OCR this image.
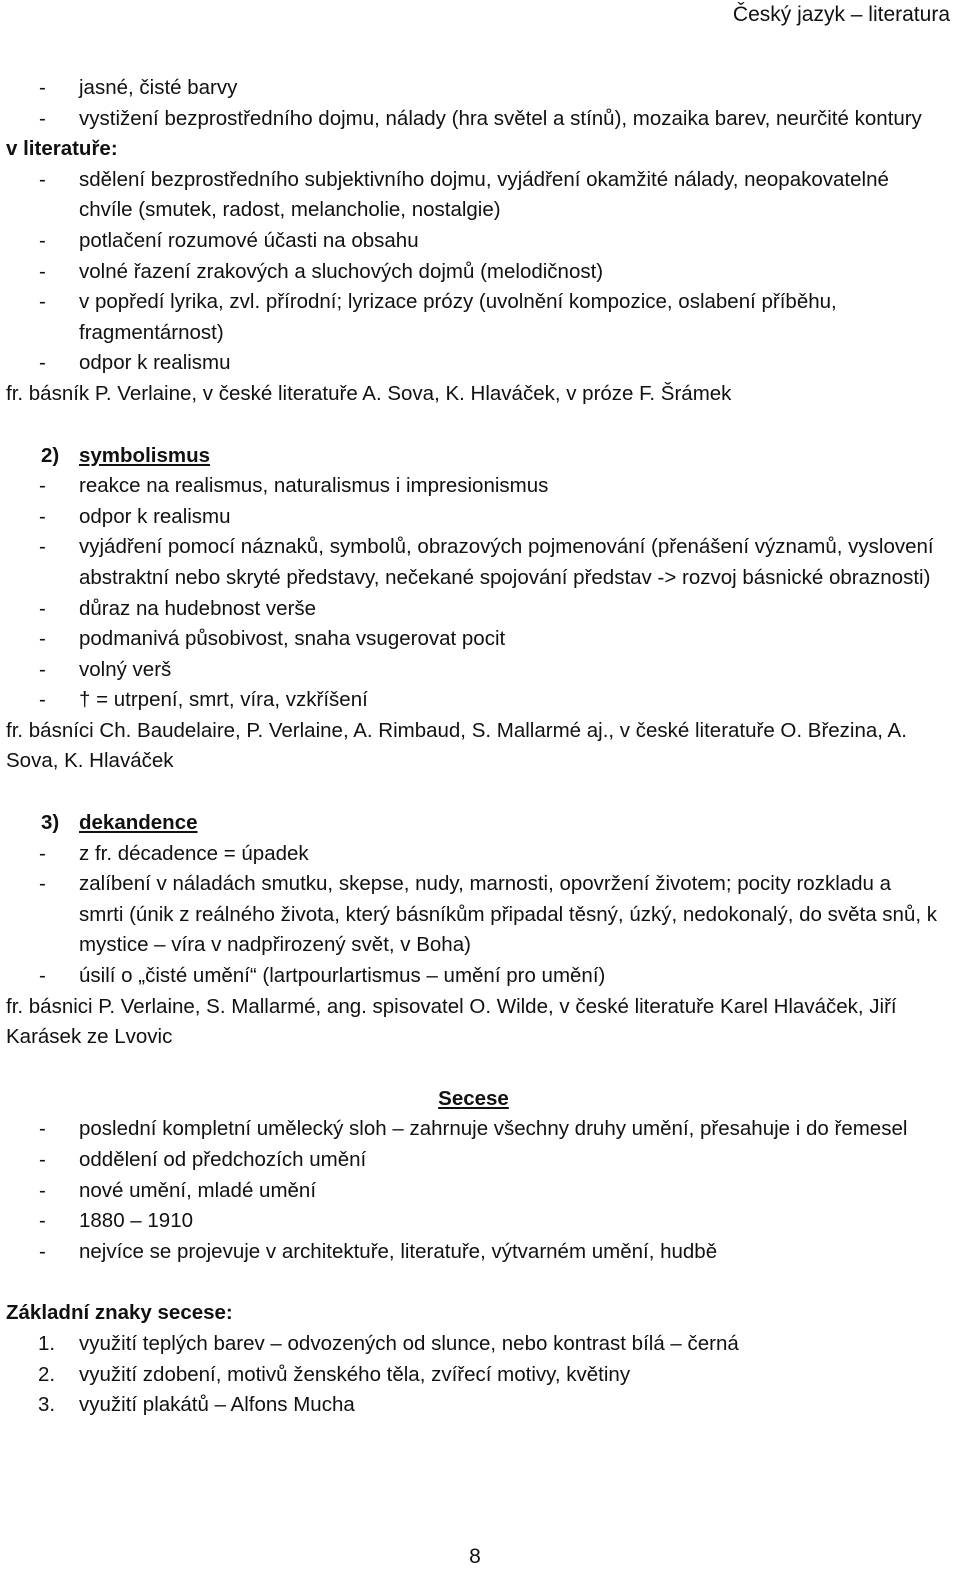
Český jazyk – literatura
- jasné, čisté barvy
- vystižení bezprostředního dojmu, nálady (hra světel a stínů), mozaika barev, neurčité kontury
v literatuře:
- sdělení bezprostředního subjektivního dojmu, vyjádření okamžité nálady, neopakovatelné chvíle (smutek, radost, melancholie, nostalgie)
- potlačení rozumové účasti na obsahu
- volné řazení zrakových a sluchových dojmů (melodičnost)
- v popředí lyrika, zvl. přírodní; lyrizace prózy (uvolnění kompozice, oslabení příběhu, fragmentárnost)
- odpor k realismu
fr. básník P. Verlaine, v české literatuře A. Sova, K. Hlaváček, v próze F. Šrámek
2) symbolismus
- reakce na realismus, naturalismus i impresionismus
- odpor k realismu
- vyjádření pomocí náznaků, symbolů, obrazových pojmenování (přenášení významů, vyslovení abstraktní nebo skryté představy, nečekané spojování představ -> rozvoj básnické obraznosti)
- důraz na hudebnost verše
- podmanivá působivost, snaha vsugerovat pocit
- volný verš
- † = utrpení, smrt, víra, vzkříšení
fr. básníci Ch. Baudelaire, P. Verlaine, A. Rimbaud, S. Mallarmé aj., v české literatuře O. Březina, A. Sova, K. Hlaváček
3) dekandence
- z fr. décadence = úpadek
- zalíbení v náladách smutku, skepse, nudy, marnosti, opovržení životem; pocity rozkladu a smrti (únik z reálného života, který básníkům připadal těsný, úzký, nedokonalý, do světa snů, k mystice – víra v nadpřirozený svět, v Boha)
- úsilí o „čisté umění“ (lartpourlartismus – umění pro umění)
fr. básnici P. Verlaine, S. Mallarmé, ang. spisovatel O. Wilde, v české literatuře Karel Hlaváček, Jiří Karásek ze Lvovic
Secese
- poslední kompletní umělecký sloh – zahrnuje všechny druhy umění, přesahuje i do řemesel
- oddělení od předchozích umění
- nové umění, mladé umění
- 1880 – 1910
- nejvíce se projevuje v architektuře, literatuře, výtvarném umění, hudbě
Základní znaky secese:
1. využití teplých barev – odvozených od slunce, nebo kontrast bílá – černá
2. využití zdobení, motivů ženského těla, zvířecí motivy, květiny
3. využití plakátů – Alfons Mucha
8
